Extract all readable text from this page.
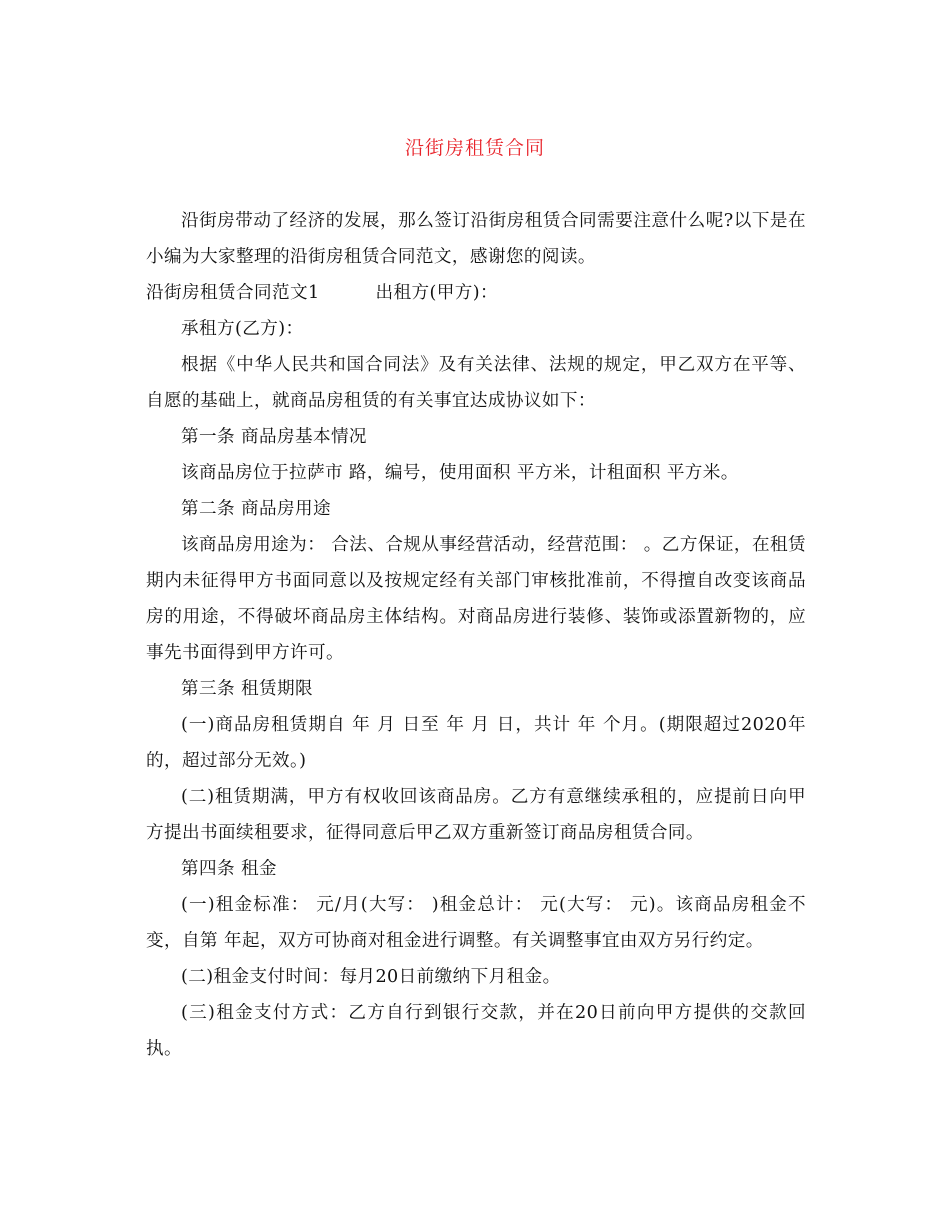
沿街房租赁合同

沿街房带动了经济的发展，那么签订沿街房租赁合同需要注意什么呢?以下是在小编为大家整理的沿街房租赁合同范文，感谢您的阅读。

沿街房租赁合同范文1	出租方(甲方)：

承租方(乙方)：

根据《中华人民共和国合同法》及有关法律、法规的规定，甲乙双方在平等、自愿的基础上，就商品房租赁的有关事宜达成协议如下：

第一条 商品房基本情况

该商品房位于拉萨市 路，编号，使用面积 平方米，计租面积 平方米。

第二条 商品房用途

该商品房用途为： 合法、合规从事经营活动，经营范围： 。乙方保证，在租赁期内未征得甲方书面同意以及按规定经有关部门审核批准前，不得擅自改变该商品房的用途，不得破坏商品房主体结构。对商品房进行装修、装饰或添置新物的，应事先书面得到甲方许可。

第三条 租赁期限

(一)商品房租赁期自 年 月 日至 年 月 日，共计 年 个月。(期限超过2020年的，超过部分无效。)

(二)租赁期满，甲方有权收回该商品房。乙方有意继续承租的，应提前日向甲方提出书面续租要求，征得同意后甲乙双方重新签订商品房租赁合同。

第四条 租金

(一)租金标准： 元/月(大写： )租金总计： 元(大写： 元)。该商品房租金不变，自第 年起，双方可协商对租金进行调整。有关调整事宜由双方另行约定。

(二)租金支付时间：每月20日前缴纳下月租金。

(三)租金支付方式：乙方自行到银行交款，并在20日前向甲方提供的交款回执。
